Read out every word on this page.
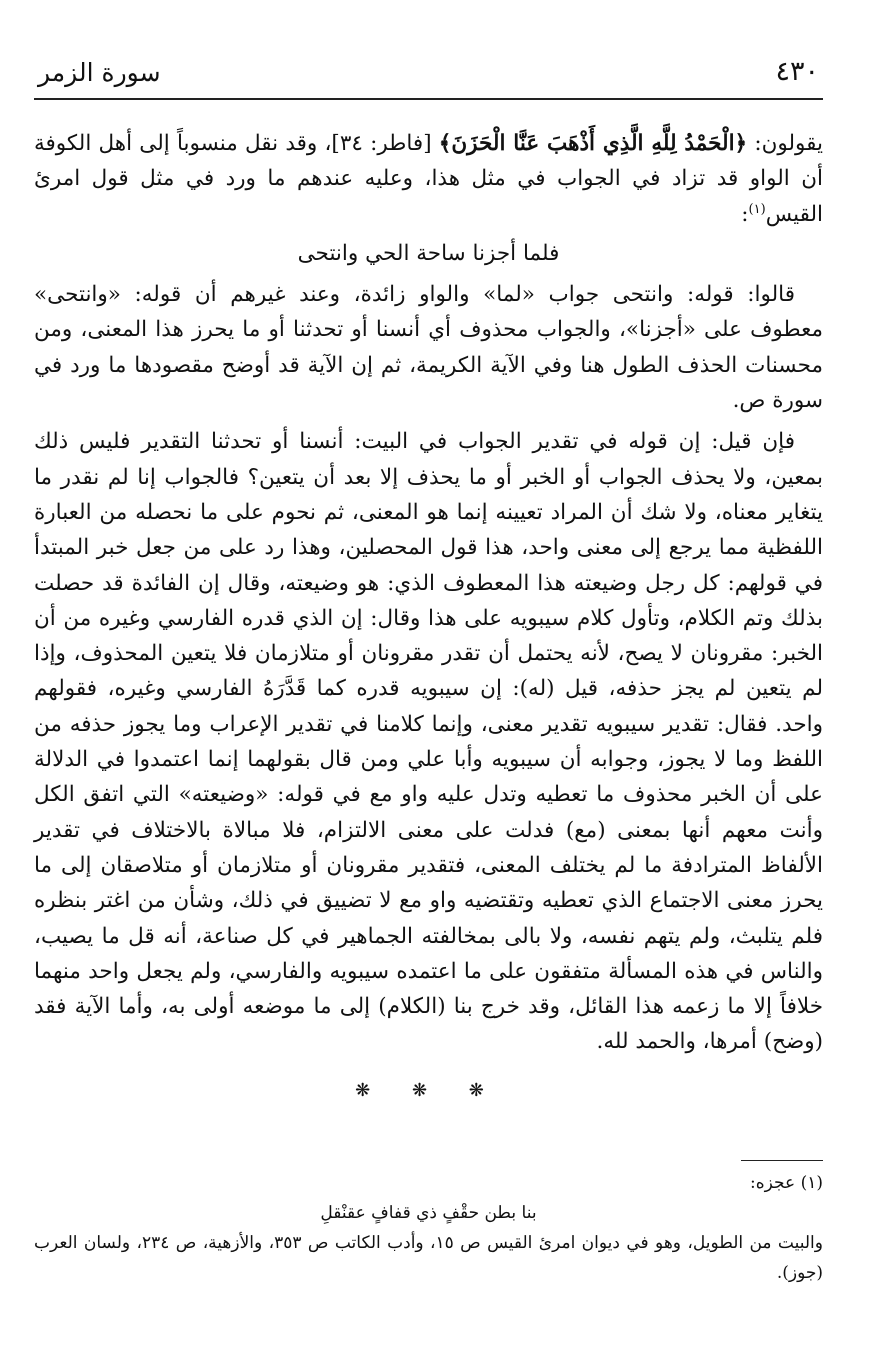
٤٣٠
سورة الزمر

يقولون: ﴿الْحَمْدُ لِلَّهِ الَّذِي أَذْهَبَ عَنَّا الْحَزَنَ﴾ [فاطر: ٣٤]، وقد نقل منسوباً إلى أهل الكوفة أن الواو قد تزاد في الجواب في مثل هذا، وعليه عندهم ما ورد في مثل قول امرئ القيس$^{(١)}$:

فلما أجزنا ساحة الحي وانتحى

قالوا: قوله: وانتحى جواب «لما» والواو زائدة، وعند غيرهم أن قوله: «وانتحى» معطوف على «أجزنا»، والجواب محذوف أي أنسنا أو تحدثنا أو ما يحرز هذا المعنى، ومن محسنات الحذف الطول هنا وفي الآية الكريمة، ثم إن الآية قد أوضح مقصودها ما ورد في سورة ص.

فإن قيل: إن قوله في تقدير الجواب في البيت: أنسنا أو تحدثنا التقدير فليس ذلك بمعين، ولا يحذف الجواب أو الخبر أو ما يحذف إلا بعد أن يتعين؟ فالجواب إنا لم نقدر ما يتغاير معناه، ولا شك أن المراد تعيينه إنما هو المعنى، ثم نحوم على ما نحصله من العبارة اللفظية مما يرجع إلى معنى واحد، هذا قول المحصلين، وهذا رد على من جعل خبر المبتدأ في قولهم: كل رجل وضيعته هذا المعطوف الذي: هو وضيعته، وقال إن الفائدة قد حصلت بذلك وتم الكلام، وتأول كلام سيبويه على هذا وقال: إن الذي قدره الفارسي وغيره من أن الخبر: مقرونان لا يصح، لأنه يحتمل أن تقدر مقرونان أو متلازمان فلا يتعين المحذوف، وإذا لم يتعين لم يجز حذفه، قيل (له): إن سيبويه قدره كما قَدَّرَهُ الفارسي وغيره، فقولهم واحد. فقال: تقدير سيبويه تقدير معنى، وإنما كلامنا في تقدير الإعراب وما يجوز حذفه من اللفظ وما لا يجوز، وجوابه أن سيبويه وأبا علي ومن قال بقولهما إنما اعتمدوا في الدلالة على أن الخبر محذوف ما تعطيه وتدل عليه واو مع في قوله: «وضيعته» التي اتفق الكل وأنت معهم أنها بمعنى (مع) فدلت على معنى الالتزام، فلا مبالاة بالاختلاف في تقدير الألفاظ المترادفة ما لم يختلف المعنى، فتقدير مقرونان أو متلازمان أو متلاصقان إلى ما يحرز معنى الاجتماع الذي تعطيه وتقتضيه واو مع لا تضييق في ذلك، وشأن من اغتر بنظره فلم يتلبث، ولم يتهم نفسه، ولا بالى بمخالفته الجماهير في كل صناعة، أنه قل ما يصيب، والناس في هذه المسألة متفقون على ما اعتمده سيبويه والفارسي، ولم يجعل واحد منهما خلافاً إلا ما زعمه هذا القائل، وقد خرج بنا (الكلام) إلى ما موضعه أولى به، وأما الآية فقد (وضح) أمرها، والحمد لله.

❋ ❋ ❋

(١) عجزه:

بنا بطن حقْفٍ ذي قفافٍ عقنْقلِ

والبيت من الطويل، وهو في ديوان امرئ القيس ص ١٥، وأدب الكاتب ص ٣٥٣، والأزهية، ص ٢٣٤، ولسان العرب (جوز).
